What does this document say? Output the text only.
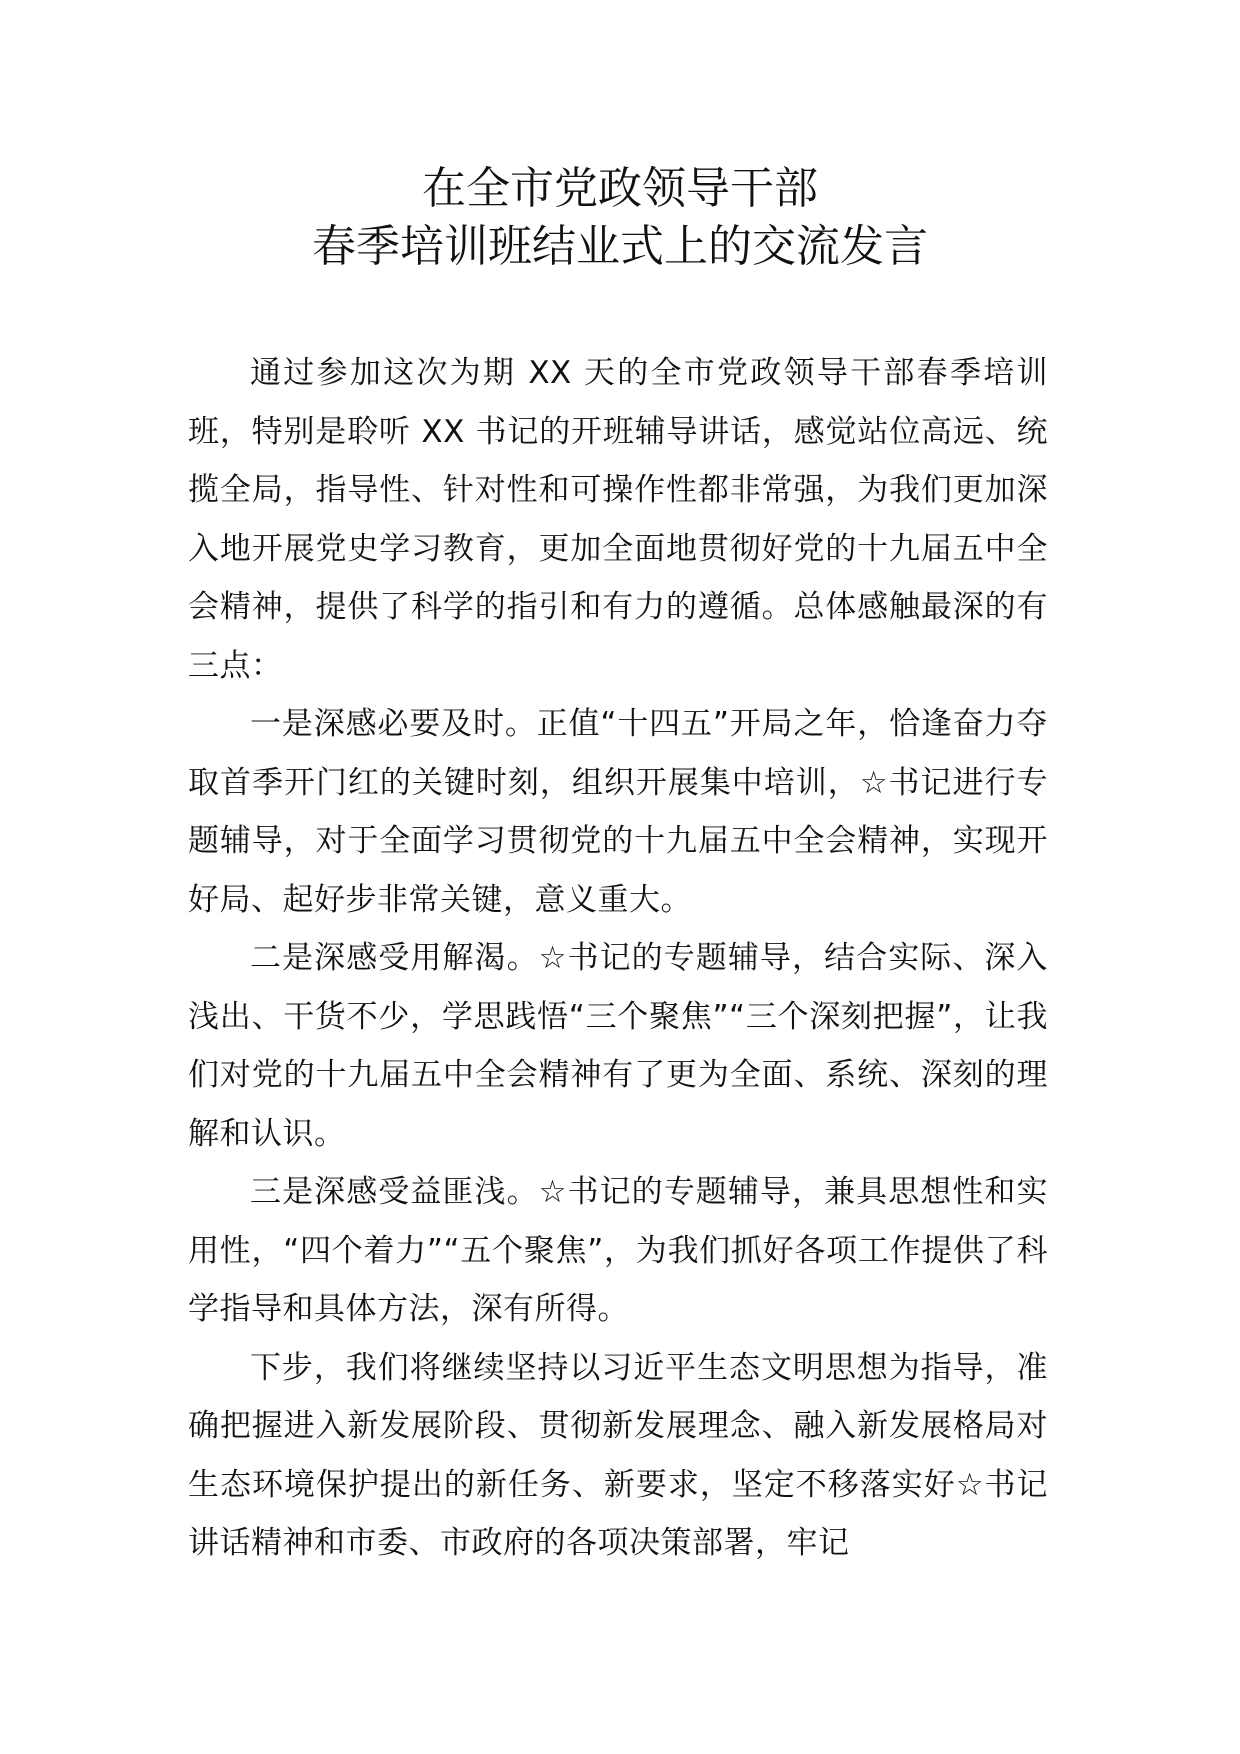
在全市党政领导干部
春季培训班结业式上的交流发言

通过参加这次为期 XX 天的全市党政领导干部春季培训班，特别是聆听 XX 书记的开班辅导讲话，感觉站位高远、统揽全局，指导性、针对性和可操作性都非常强，为我们更加深入地开展党史学习教育，更加全面地贯彻好党的十九届五中全会精神，提供了科学的指引和有力的遵循。总体感触最深的有三点：

一是深感必要及时。正值“十四五”开局之年，恰逢奋力夺取首季开门红的关键时刻，组织开展集中培训，☆书记进行专题辅导，对于全面学习贯彻党的十九届五中全会精神，实现开好局、起好步非常关键，意义重大。

二是深感受用解渴。☆书记的专题辅导，结合实际、深入浅出、干货不少，学思践悟“三个聚焦”“三个深刻把握”，让我们对党的十九届五中全会精神有了更为全面、系统、深刻的理解和认识。

三是深感受益匪浅。☆书记的专题辅导，兼具思想性和实用性，“四个着力”“五个聚焦”，为我们抓好各项工作提供了科学指导和具体方法，深有所得。

下步，我们将继续坚持以习近平生态文明思想为指导，准确把握进入新发展阶段、贯彻新发展理念、融入新发展格局对生态环境保护提出的新任务、新要求，坚定不移落实好☆书记讲话精神和市委、市政府的各项决策部署，牢记
